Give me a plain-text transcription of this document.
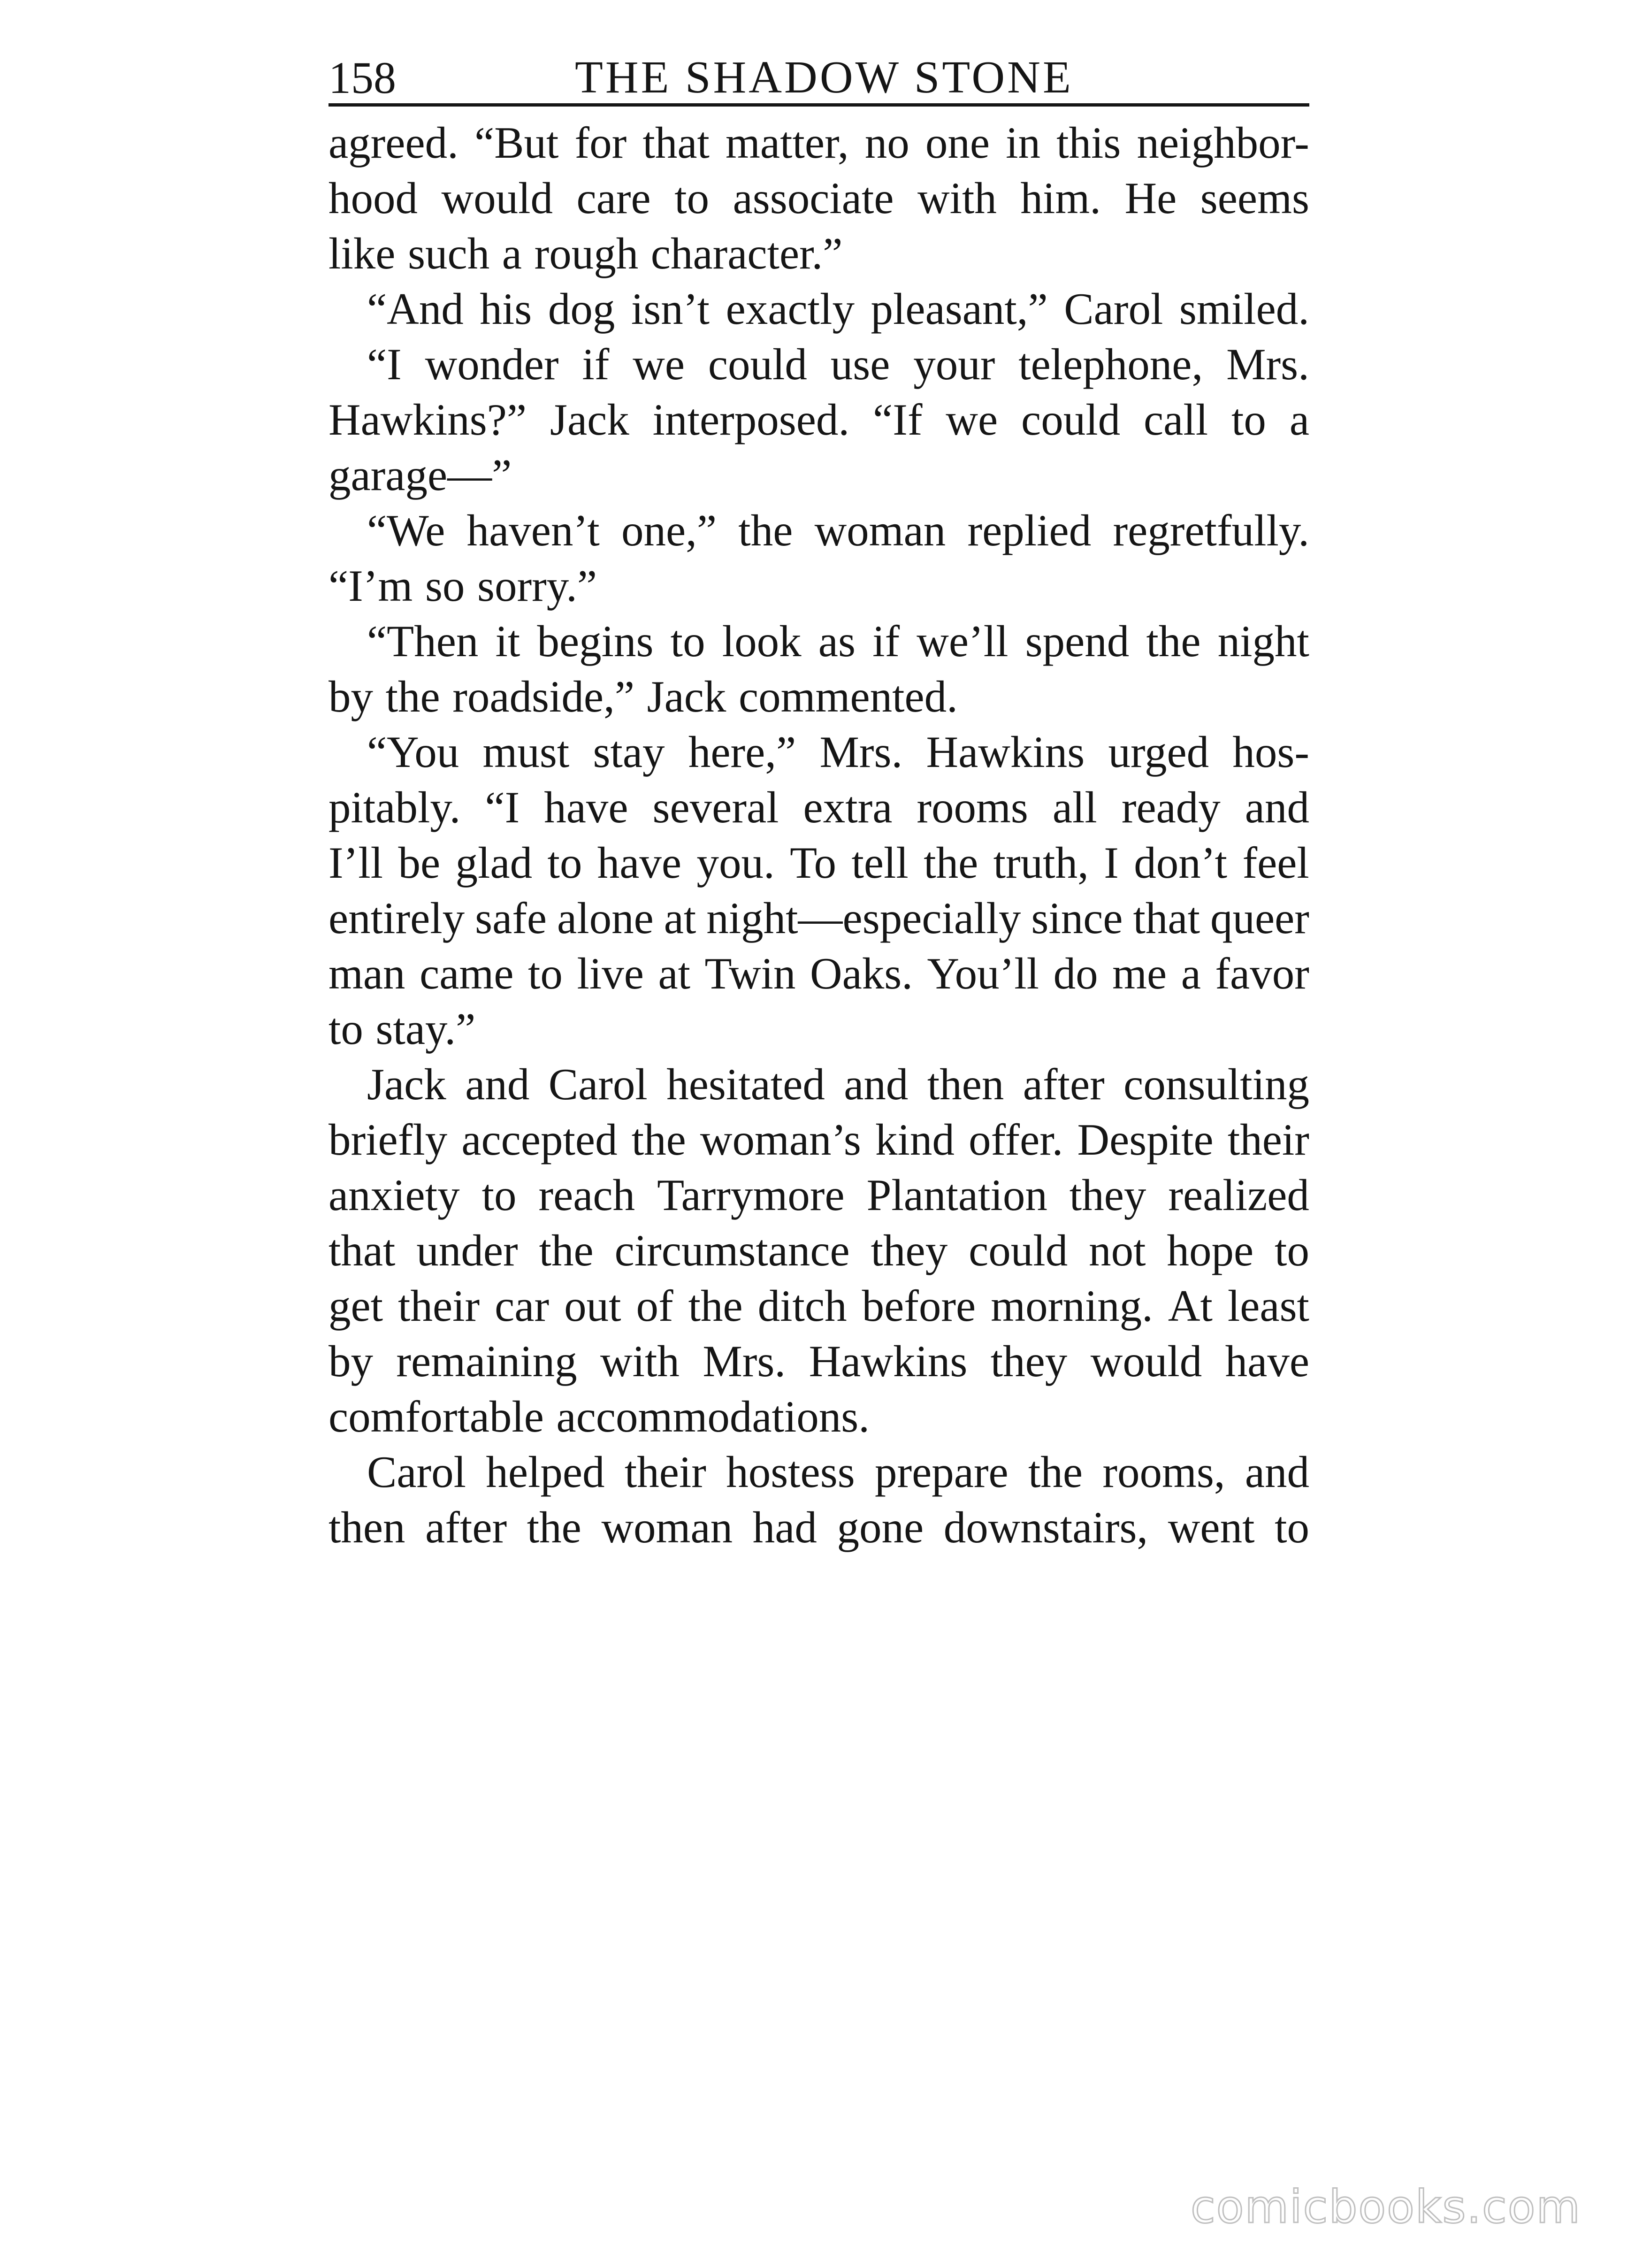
158	THE SHADOW STONE
agreed. “But for that matter, no one in this neighbor-
hood would care to associate with him. He seems
like such a rough character.”
“And his dog isn’t exactly pleasant,” Carol smiled.
“I wonder if we could use your telephone, Mrs.
Hawkins?” Jack interposed. “If we could call to a
garage—”
“We haven’t one,” the woman replied regretfully.
“I’m so sorry.”
“Then it begins to look as if we’ll spend the night
by the roadside,” Jack commented.
“You must stay here,” Mrs. Hawkins urged hos-
pitably. “I have several extra rooms all ready and
I’ll be glad to have you. To tell the truth, I don’t feel
entirely safe alone at night—especially since that queer
man came to live at Twin Oaks. You’ll do me a favor
to stay.”
Jack and Carol hesitated and then after consulting
briefly accepted the woman’s kind offer. Despite their
anxiety to reach Tarrymore Plantation they realized
that under the circumstance they could not hope to
get their car out of the ditch before morning. At least
by remaining with Mrs. Hawkins they would have
comfortable accommodations.
Carol helped their hostess prepare the rooms, and
then after the woman had gone downstairs, went to
comicbooks.com
